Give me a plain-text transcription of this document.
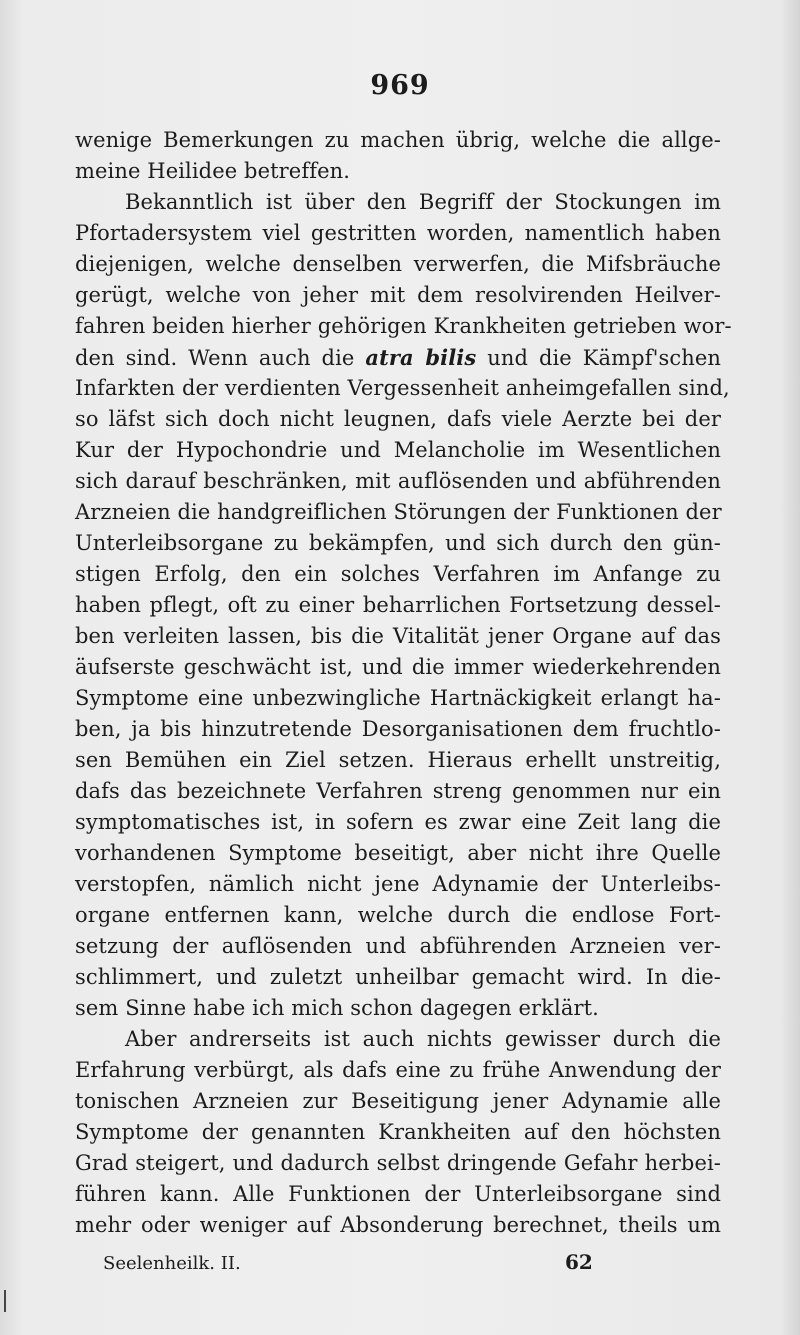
969
wenige Bemerkungen zu machen übrig, welche die allge-
meine Heilidee betreffen.
Bekanntlich ist über den Begriff der Stockungen im
Pfortadersystem viel gestritten worden, namentlich haben
diejenigen, welche denselben verwerfen, die Mifsbräuche
gerügt, welche von jeher mit dem resolvirenden Heilver-
fahren beiden hierher gehörigen Krankheiten getrieben wor-
den sind. Wenn auch die atra bilis und die Kämpf'schen
Infarkten der verdienten Vergessenheit anheimgefallen sind,
so läfst sich doch nicht leugnen, dafs viele Aerzte bei der
Kur der Hypochondrie und Melancholie im Wesentlichen
sich darauf beschränken, mit auflösenden und abführenden
Arzneien die handgreiflichen Störungen der Funktionen der
Unterleibsorgane zu bekämpfen, und sich durch den gün-
stigen Erfolg, den ein solches Verfahren im Anfange zu
haben pflegt, oft zu einer beharrlichen Fortsetzung dessel-
ben verleiten lassen, bis die Vitalität jener Organe auf das
äufserste geschwächt ist, und die immer wiederkehrenden
Symptome eine unbezwingliche Hartnäckigkeit erlangt ha-
ben, ja bis hinzutretende Desorganisationen dem fruchtlo-
sen Bemühen ein Ziel setzen. Hieraus erhellt unstreitig,
dafs das bezeichnete Verfahren streng genommen nur ein
symptomatisches ist, in sofern es zwar eine Zeit lang die
vorhandenen Symptome beseitigt, aber nicht ihre Quelle
verstopfen, nämlich nicht jene Adynamie der Unterleibs-
organe entfernen kann, welche durch die endlose Fort-
setzung der auflösenden und abführenden Arzneien ver-
schlimmert, und zuletzt unheilbar gemacht wird. In die-
sem Sinne habe ich mich schon dagegen erklärt.
Aber andrerseits ist auch nichts gewisser durch die
Erfahrung verbürgt, als dafs eine zu frühe Anwendung der
tonischen Arzneien zur Beseitigung jener Adynamie alle
Symptome der genannten Krankheiten auf den höchsten
Grad steigert, und dadurch selbst dringende Gefahr herbei-
führen kann. Alle Funktionen der Unterleibsorgane sind
mehr oder weniger auf Absonderung berechnet, theils um
Seelenheilk. II.	62
